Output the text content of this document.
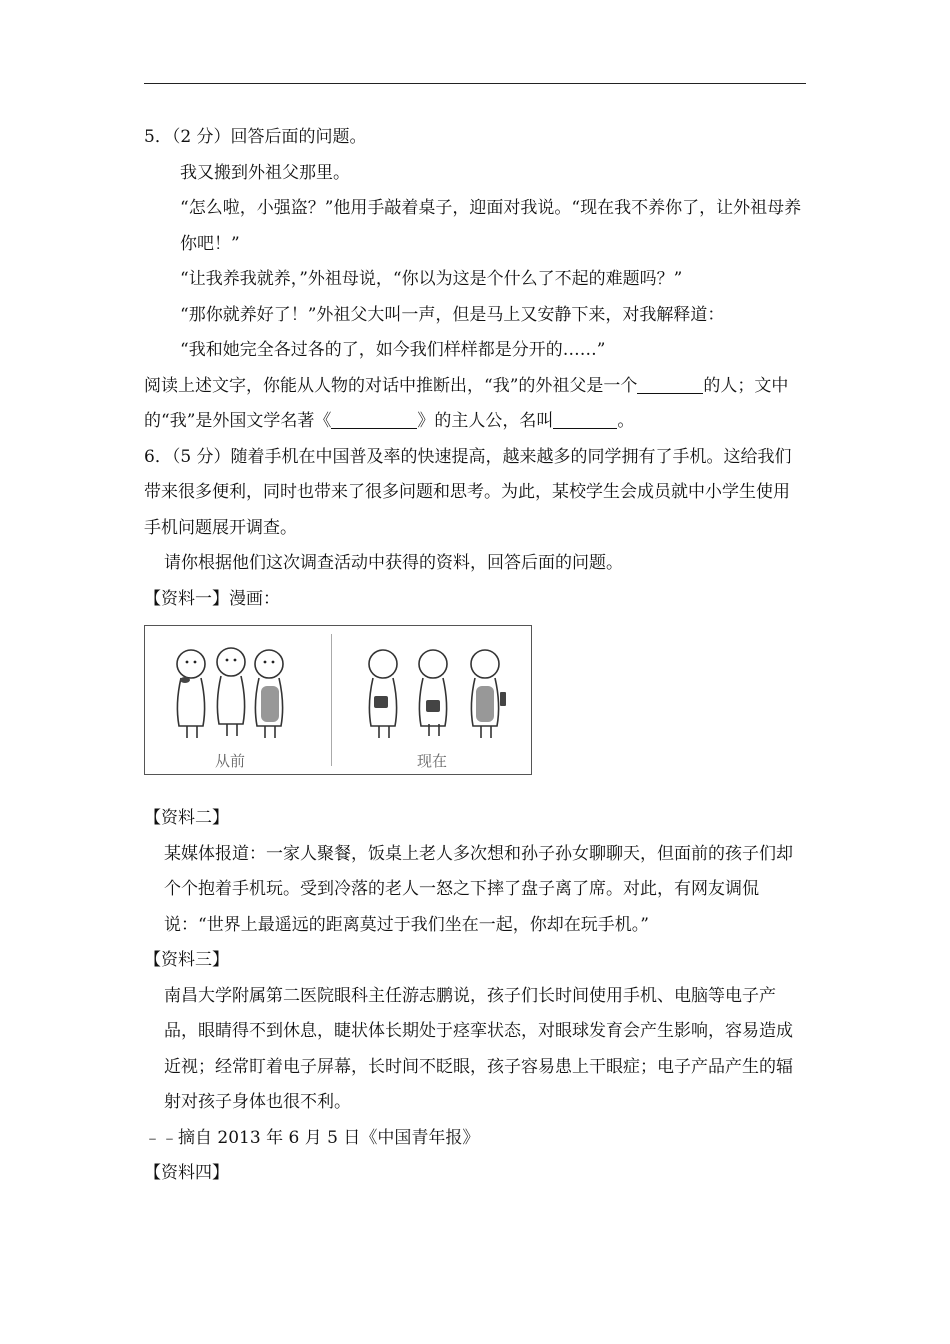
5．（2 分）回答后面的问题。

我又搬到外祖父那里。

“怎么啦，小强盗？”他用手敲着桌子，迎面对我说。“现在我不养你了，让外祖母养你吧！”

“让我养我就养，”外祖母说，“你以为这是个什么了不起的难题吗？”

“那你就养好了！”外祖父大叫一声，但是马上又安静下来，对我解释道：

“我和她完全各过各的了，如今我们样样都是分开的……”

阅读上述文字，你能从人物的对话中推断出，“我”的外祖父是一个	的人；文中的“我”是外国文学名著《	》的主人公，名叫	。

6．（5 分）随着手机在中国普及率的快速提高，越来越多的同学拥有了手机。这给我们带来很多便利，同时也带来了很多问题和思考。为此，某校学生会成员就中小学生使用手机问题展开调查。

请你根据他们这次调查活动中获得的资料，回答后面的问题。

【资料一】漫画：

从前	现在

【资料二】

某媒体报道：一家人聚餐，饭桌上老人多次想和孙子孙女聊聊天，但面前的孩子们却个个抱着手机玩。受到冷落的老人一怒之下摔了盘子离了席。对此，有网友调侃说：“世界上最遥远的距离莫过于我们坐在一起，你却在玩手机。”

【资料三】

南昌大学附属第二医院眼科主任游志鹏说，孩子们长时间使用手机、电脑等电子产品，眼睛得不到休息，睫状体长期处于痉挛状态，对眼球发育会产生影响，容易造成近视；经常盯着电子屏幕，长时间不眨眼，孩子容易患上干眼症；电子产品产生的辐射对孩子身体也很不利。

﹣﹣摘自 2013 年 6 月 5 日《中国青年报》

【资料四】
